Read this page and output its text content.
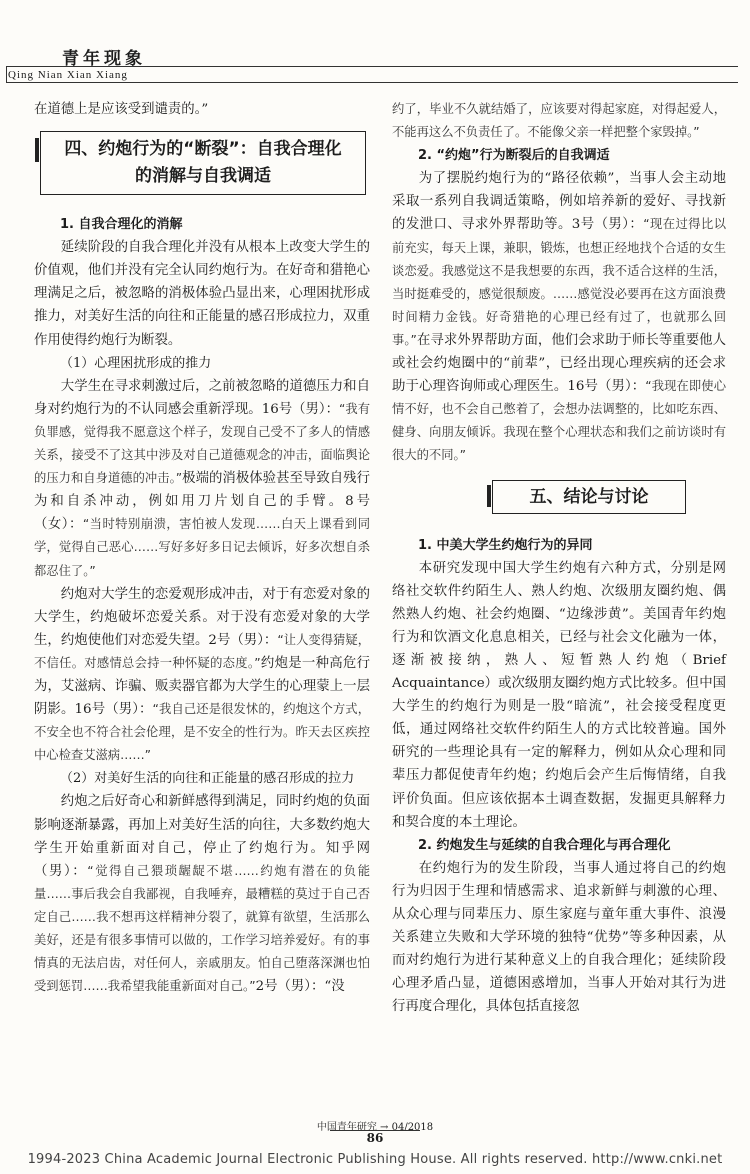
青年现象
Qing Nian Xian Xiang

在道德上是应该受到谴责的。”

四、约炮行为的“断裂”：自我合理化
的消解与自我调适

1. 自我合理化的消解

延续阶段的自我合理化并没有从根本上改变大学生的价值观，他们并没有完全认同约炮行为。在好奇和猎艳心理满足之后，被忽略的消极体验凸显出来，心理困扰形成推力，对美好生活的向往和正能量的感召形成拉力，双重作用使得约炮行为断裂。

（1）心理困扰形成的推力

大学生在寻求刺激过后，之前被忽略的道德压力和自身对约炮行为的不认同感会重新浮现。16号（男）：“我有负罪感，觉得我不愿意这个样子，发现自己受不了多人的情感关系，接受不了这其中涉及对自己道德观念的冲击，面临舆论的压力和自身道德的冲击。”极端的消极体验甚至导致自残行为和自杀冲动，例如用刀片划自己的手臂。8号（女）：“当时特别崩溃，害怕被人发现……白天上课看到同学，觉得自己恶心……写好多好多日记去倾诉，好多次想自杀都忍住了。”

约炮对大学生的恋爱观形成冲击，对于有恋爱对象的大学生，约炮破坏恋爱关系。对于没有恋爱对象的大学生，约炮使他们对恋爱失望。2号（男）：“让人变得猜疑，不信任。对感情总会持一种怀疑的态度。”约炮是一种高危行为，艾滋病、诈骗、贩卖器官都为大学生的心理蒙上一层阴影。16号（男）：“我自己还是很发怵的，约炮这个方式，不安全也不符合社会伦理，是不安全的性行为。昨天去区疾控中心检查艾滋病……”

（2）对美好生活的向往和正能量的感召形成的拉力

约炮之后好奇心和新鲜感得到满足，同时约炮的负面影响逐渐暴露，再加上对美好生活的向往，大多数约炮大学生开始重新面对自己，停止了约炮行为。知乎网（男）：“觉得自己猥琐龌龊不堪……约炮有潜在的负能量……事后我会自我鄙视，自我唾弃，最糟糕的莫过于自己否定自己……我不想再这样精神分裂了，就算有欲望，生活那么美好，还是有很多事情可以做的，工作学习培养爱好。有的事情真的无法启齿，对任何人，亲戚朋友。怕自己堕落深渊也怕受到惩罚……我希望我能重新面对自己。”2号（男）：“没

约了，毕业不久就结婚了，应该要对得起家庭，对得起爱人，不能再这么不负责任了。不能像父亲一样把整个家毁掉。”

2. “约炮”行为断裂后的自我调适

为了摆脱约炮行为的“路径依赖”，当事人会主动地采取一系列自我调适策略，例如培养新的爱好、寻找新的发泄口、寻求外界帮助等。3号（男）：“现在过得比以前充实，每天上课，兼职，锻炼，也想正经地找个合适的女生谈恋爱。我感觉这不是我想要的东西，我不适合这样的生活，当时挺难受的，感觉很颓废。……感觉没必要再在这方面浪费时间精力金钱。好奇猎艳的心理已经有过了，也就那么回事。”在寻求外界帮助方面，他们会求助于师长等重要他人或社会约炮圈中的“前辈”，已经出现心理疾病的还会求助于心理咨询师或心理医生。16号（男）：“我现在即使心情不好，也不会自己憋着了，会想办法调整的，比如吃东西、健身、向朋友倾诉。我现在整个心理状态和我们之前访谈时有很大的不同。”

五、结论与讨论

1. 中美大学生约炮行为的异同

本研究发现中国大学生约炮有六种方式，分别是网络社交软件约陌生人、熟人约炮、次级朋友圈约炮、偶然熟人约炮、社会约炮圈、“边缘涉黄”。美国青年约炮行为和饮酒文化息息相关，已经与社会文化融为一体，逐渐被接纳，熟人、短暂熟人约炮（Brief Acquaintance）或次级朋友圈约炮方式比较多。但中国大学生的约炮行为则是一股“暗流”，社会接受程度更低，通过网络社交软件约陌生人的方式比较普遍。国外研究的一些理论具有一定的解释力，例如从众心理和同辈压力都促使青年约炮；约炮后会产生后悔情绪，自我评价负面。但应该依据本土调查数据，发掘更具解释力和契合度的本土理论。

2. 约炮发生与延续的自我合理化与再合理化

在约炮行为的发生阶段，当事人通过将自己的约炮行为归因于生理和情感需求、追求新鲜与刺激的心理、从众心理与同辈压力、原生家庭与童年重大事件、浪漫关系建立失败和大学环境的独特“优势”等多种因素，从而对约炮行为进行某种意义上的自我合理化；延续阶段心理矛盾凸显，道德困惑增加，当事人开始对其行为进行再度合理化，具体包括直接忽

中国青年研究 → 04/2018
86
1994-2023 China Academic Journal Electronic Publishing House. All rights reserved. http://www.cnki.net
